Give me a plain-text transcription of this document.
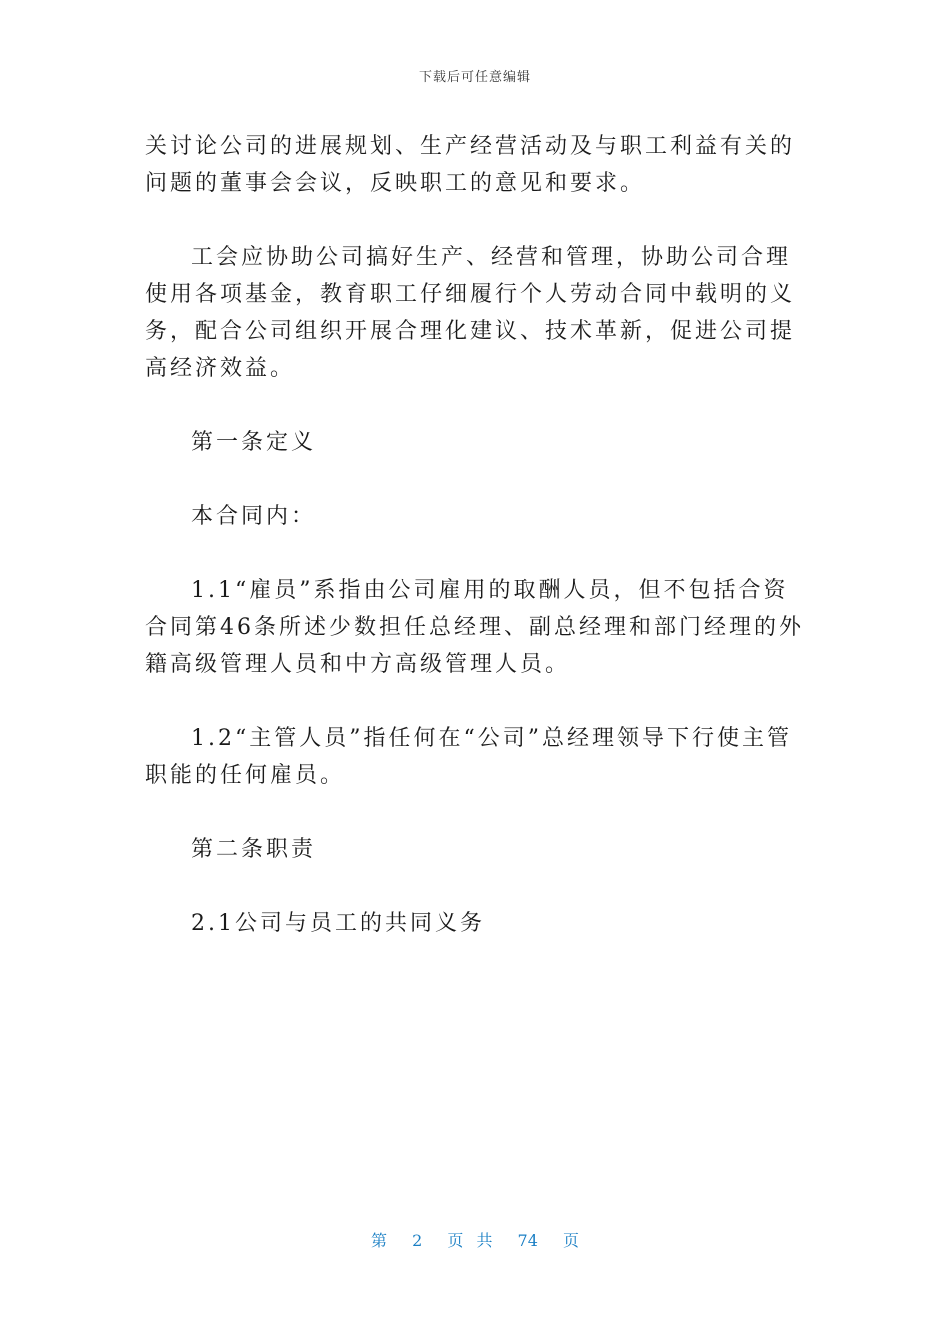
下载后可任意编辑

关讨论公司的进展规划、生产经营活动及与职工利益有关的问题的董事会会议，反映职工的意见和要求。

工会应协助公司搞好生产、经营和管理，协助公司合理使用各项基金，教育职工仔细履行个人劳动合同中载明的义务，配合公司组织开展合理化建议、技术革新，促进公司提高经济效益。

第一条定义

本合同内：

1.1“雇员”系指由公司雇用的取酬人员，但不包括合资合同第46条所述少数担任总经理、副总经理和部门经理的外籍高级管理人员和中方高级管理人员。

1.2“主管人员”指任何在“公司”总经理领导下行使主管职能的任何雇员。

第二条职责

2.1公司与员工的共同义务

第 2 页 共 74 页
